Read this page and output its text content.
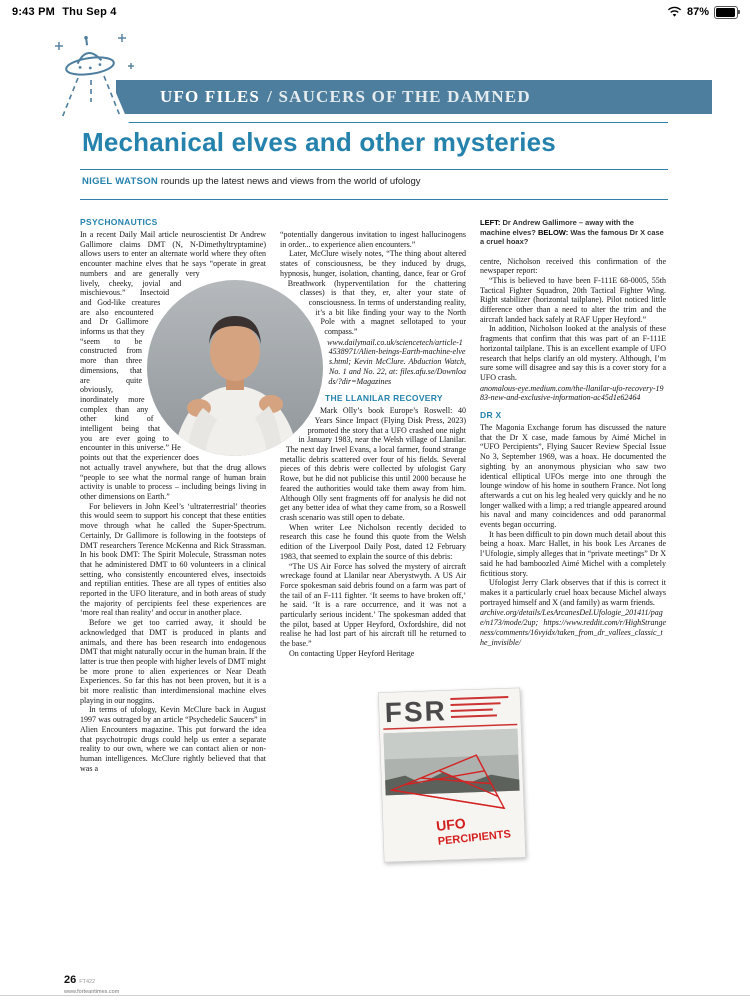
9:43 PM Thu Sep 4	87%
UFO FILES / SAUCERS OF THE DAMNED
Mechanical elves and other mysteries
NIGEL WATSON rounds up the latest news and views from the world of ufology
PSYCHONAUTICS

In a recent Daily Mail article neuroscientist Dr Andrew Gallimore claims DMT (N, N-Dimethyltryptamine) allows users to enter an alternate world where they often encounter machine elves that he says “operate in great numbers and are generally very lively, cheeky, jovial and mischievous.” Insectoid and God-like creatures are also encountered and Dr Gallimore informs us that they “seem to be constructed from more than three dimensions, that are quite obviously, inordinately more complex than any other kind of intelligent being that you are ever going to encounter in this universe.” He points out that the experiencer does not actually travel anywhere, but that the drug allows “people to see what the normal range of human brain activity is unable to process – including beings living in other dimensions on Earth.”

For believers in John Keel’s ‘ultraterrestrial’ theories this would seem to support his concept that these entities move through what he called the Super-Spectrum. Certainly, Dr Gallimore is following in the footsteps of DMT researchers Terence McKenna and Rick Strassman. In his book DMT: The Spirit Molecule, Strassman notes that he administered DMT to 60 volunteers in a clinical setting, who consistently encountered elves, insectoids and reptilian entities. These are all types of entities also reported in the UFO literature, and in both areas of study the majority of percipients feel these experiences are ‘more real than reality’ and occur in another place.

Before we get too carried away, it should be acknowledged that DMT is produced in plants and animals, and there has been research into endogenous DMT that might naturally occur in the human brain. If the latter is true then people with higher levels of DMT might be more prone to alien experiences or Near Death Experiences. So far this has not been proven, but it is a bit more realistic than interdimensional machine elves playing in our noggins.

In terms of ufology, Kevin McClure back in August 1997 was outraged by an article “Psychedelic Saucers” in Alien Encounters magazine. This put forward the idea that psychotropic drugs could help us enter a separate reality to our own, where we can contact alien or non-human intelligences. McClure rightly believed that that was a

“potentially dangerous invitation to ingest hallucinogens in order... to experience alien encounters.”

Later, McClure wisely notes, “The thing about altered states of consciousness, be they induced by drugs, hypnosis, hunger, isolation, chanting, dance, fear or Grof Breathwork (hyperventilation for the chattering classes) is that they, er, alter your state of consciousness. In terms of understanding reality, it’s a bit like finding your way to the North Pole with a magnet sellotaped to your compass.”

www.dailymail.co.uk/sciencetech/article-14538971/Alien-beings-Earth-machine-elves.html; Kevin McClure. Abduction Watch, No. 1 and No. 22, at: files.afu.se/Downloads/?dir=Magazines

THE LLANILAR RECOVERY

Mark Olly’s book Europe’s Roswell: 40 Years Since Impact (Flying Disk Press, 2023) promoted the story that a UFO crashed one night in January 1983, near the Welsh village of Llanilar. The next day Irwel Evans, a local farmer, found strange metallic debris scattered over four of his fields. Several pieces of this debris were collected by ufologist Gary Rowe, but he did not publicise this until 2000 because he feared the authorities would take them away from him. Although Olly sent fragments off for analysis he did not get any better idea of what they came from, so a Roswell crash scenario was still open to debate.

When writer Lee Nicholson recently decided to research this case he found this quote from the Welsh edition of the Liverpool Daily Post, dated 12 February 1983, that seemed to explain the source of this debris:

“The US Air Force has solved the mystery of aircraft wreckage found at Llanilar near Aberystwyth. A US Air Force spokesman said debris found on a farm was part of the tail of an F-111 fighter. ‘It seems to have broken off,’ he said. ‘It is a rare occurrence, and it was not a particularly serious incident.’ The spokesman added that the pilot, based at Upper Heyford, Oxfordshire, did not realise he had lost part of his aircraft till he returned to the base.”

On contacting Upper Heyford Heritage

LEFT: Dr Andrew Gallimore – away with the machine elves? BELOW: Was the famous Dr X case a cruel hoax?

centre, Nicholson received this confirmation of the newspaper report:

“This is believed to have been F-111E 68-0005, 55th Tactical Fighter Squadron, 20th Tactical Fighter Wing. Right stabilizer (horizontal tailplane). Pilot noticed little difference other than a need to alter the trim and the aircraft landed back safely at RAF Upper Heyford.”

In addition, Nicholson looked at the analysis of these fragments that confirm that this was part of an F-111E horizontal tailplane. This is an excellent example of UFO research that helps clarify an old mystery. Although, I’m sure some will disagree and say this is a cover story for a UFO crash.

anomalous-eye.medium.com/the-llanilar-ufo-recovery-1983-new-and-exclusive-information-ac45d1e62464

DR X

The Magonia Exchange forum has discussed the nature that the Dr X case, made famous by Aimé Michel in “UFO Percipients”, Flying Saucer Review Special Issue No 3, September 1969, was a hoax. He documented the sighting by an anonymous physician who saw two identical elliptical UFOs merge into one through the lounge window of his home in southern France. Not long afterwards a cut on his leg healed very quickly and he no longer walked with a limp; a red triangle appeared around his naval and many coincidences and odd paranormal events began occurring.

It has been difficult to pin down much detail about this being a hoax. Marc Hallet, in his book Les Arcanes de l’Ufologie, simply alleges that in “private meetings” Dr X said he had bamboozled Aimé Michel with a completely fictitious story.

Ufologist Jerry Clark observes that if this is correct it makes it a particularly cruel hoax because Michel always portrayed himself and X (and family) as warm friends.

archive.org/details/LesArcanesDeLUfologie_201411/page/n173/mode/2up; https://www.reddit.com/r/HighStrangeness/comments/16vyidx/taken_from_dr_vallees_classic_the_invisible/

FSR
UFO
PERCIPIENTS
26 FT422
www.forteantimes.com
